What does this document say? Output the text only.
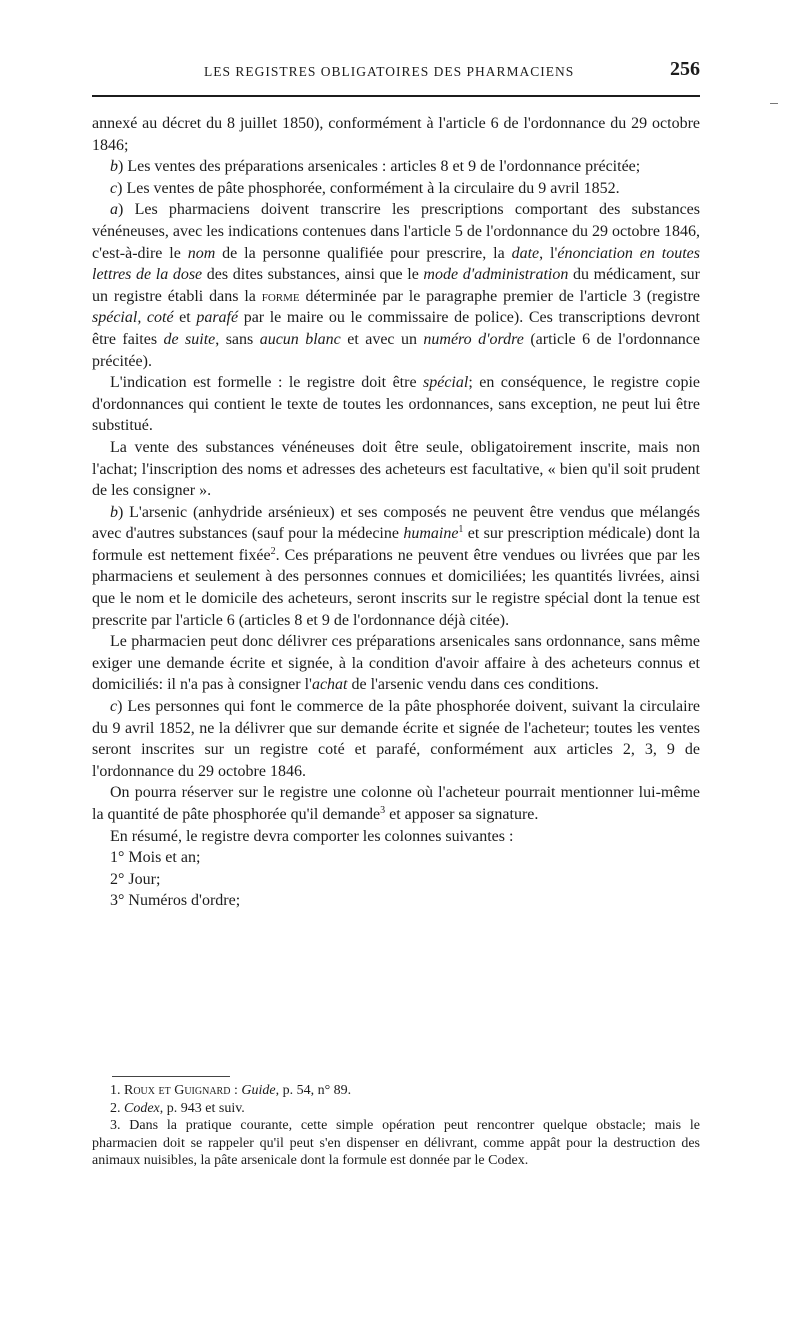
LES REGISTRES OBLIGATOIRES DES PHARMACIENS	256

annexé au décret du 8 juillet 1850), conformément à l'article 6 de l'ordonnance du 29 octobre 1846;

b) Les ventes des préparations arsenicales : articles 8 et 9 de l'ordonnance précitée;

c) Les ventes de pâte phosphorée, conformément à la circulaire du 9 avril 1852.

a) Les pharmaciens doivent transcrire les prescriptions comportant des substances vénéneuses, avec les indications contenues dans l'article 5 de l'ordonnance du 29 octobre 1846, c'est-à-dire le nom de la personne qualifiée pour prescrire, la date, l'énonciation en toutes lettres de la dose des dites substances, ainsi que le mode d'administration du médicament, sur un registre établi dans la forme déterminée par le paragraphe premier de l'article 3 (registre spécial, coté et parafé par le maire ou le commissaire de police). Ces transcriptions devront être faites de suite, sans aucun blanc et avec un numéro d'ordre (article 6 de l'ordonnance précitée).

L'indication est formelle : le registre doit être spécial; en conséquence, le registre copie d'ordonnances qui contient le texte de toutes les ordonnances, sans exception, ne peut lui être substitué.

La vente des substances vénéneuses doit être seule, obligatoirement inscrite, mais non l'achat; l'inscription des noms et adresses des acheteurs est facultative, « bien qu'il soit prudent de les consigner ».

b) L'arsenic (anhydride arsénieux) et ses composés ne peuvent être vendus que mélangés avec d'autres substances (sauf pour la médecine humaine$^1$ et sur prescription médicale) dont la formule est nettement fixée$^2$. Ces préparations ne peuvent être vendues ou livrées que par les pharmaciens et seulement à des personnes connues et domiciliées; les quantités livrées, ainsi que le nom et le domicile des acheteurs, seront inscrits sur le registre spécial dont la tenue est prescrite par l'article 6 (articles 8 et 9 de l'ordonnance déjà citée).

Le pharmacien peut donc délivrer ces préparations arsenicales sans ordonnance, sans même exiger une demande écrite et signée, à la condition d'avoir affaire à des acheteurs connus et domiciliés: il n'a pas à consigner l'achat de l'arsenic vendu dans ces conditions.

c) Les personnes qui font le commerce de la pâte phosphorée doivent, suivant la circulaire du 9 avril 1852, ne la délivrer que sur demande écrite et signée de l'acheteur; toutes les ventes seront inscrites sur un registre coté et parafé, conformément aux articles 2, 3, 9 de l'ordonnance du 29 octobre 1846.

On pourra réserver sur le registre une colonne où l'acheteur pourrait mentionner lui-même la quantité de pâte phosphorée qu'il demande$^3$ et apposer sa signature.

En résumé, le registre devra comporter les colonnes suivantes :

1° Mois et an;

2° Jour;

3° Numéros d'ordre;

1. Roux et Guignard : Guide, p. 54, n° 89.

2. Codex, p. 943 et suiv.

3. Dans la pratique courante, cette simple opération peut rencontrer quelque obstacle; mais le pharmacien doit se rappeler qu'il peut s'en dispenser en délivrant, comme appât pour la destruction des animaux nuisibles, la pâte arsenicale dont la formule est donnée par le Codex.
